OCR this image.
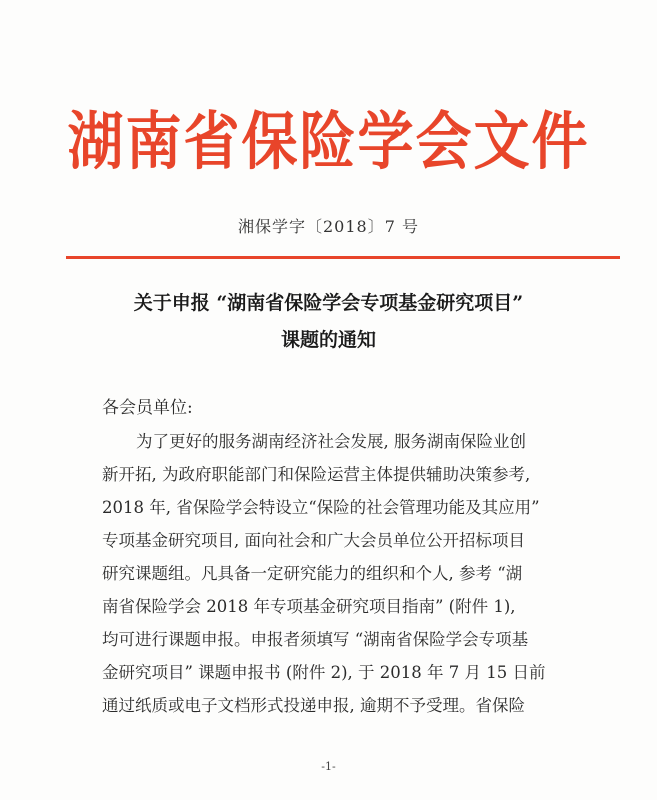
湖南省保险学会文件
湘保学字〔2018〕7 号
关于申报 “湖南省保险学会专项基金研究项目”
课题的通知
各会员单位:
为了更好的服务湖南经济社会发展, 服务湖南保险业创
新开拓, 为政府职能部门和保险运营主体提供辅助决策参考,
2018 年, 省保险学会特设立“保险的社会管理功能及其应用”
专项基金研究项目, 面向社会和广大会员单位公开招标项目
研究课题组。凡具备一定研究能力的组织和个人, 参考 “湖
南省保险学会 2018 年专项基金研究项目指南” (附件 1),
均可进行课题申报。申报者须填写 “湖南省保险学会专项基
金研究项目” 课题申报书 (附件 2), 于 2018 年 7 月 15 日前
通过纸质或电子文档形式投递申报, 逾期不予受理。省保险
-1-
